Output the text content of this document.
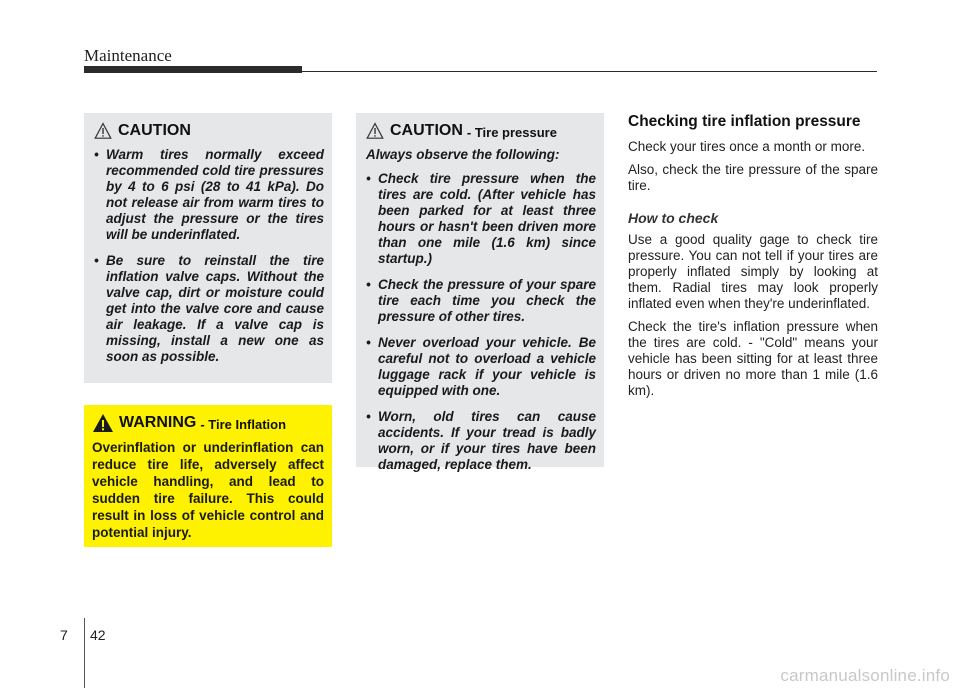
Maintenance
CAUTION
• Warm tires normally exceed recommended cold tire pressures by 4 to 6 psi (28 to 41 kPa). Do not release air from warm tires to adjust the pressure or the tires will be underinflated.
• Be sure to reinstall the tire inflation valve caps. Without the valve cap, dirt or moisture could get into the valve core and cause air leakage. If a valve cap is missing, install a new one as soon as possible.
WARNING - Tire Inflation
Overinflation or underinflation can reduce tire life, adversely affect vehicle handling, and lead to sudden tire failure. This could result in loss of vehicle control and potential injury.
CAUTION - Tire pressure
Always observe the following:
• Check tire pressure when the tires are cold. (After vehicle has been parked for at least three hours or hasn't been driven more than one mile (1.6 km) since startup.)
• Check the pressure of your spare tire each time you check the pressure of other tires.
• Never overload your vehicle. Be careful not to overload a vehicle luggage rack if your vehicle is equipped with one.
• Worn, old tires can cause accidents. If your tread is badly worn, or if your tires have been damaged, replace them.
Checking tire inflation pressure

Check your tires once a month or more.

Also, check the tire pressure of the spare tire.

How to check

Use a good quality gage to check tire pressure. You can not tell if your tires are properly inflated simply by looking at them. Radial tires may look properly inflated even when they're underinflated.

Check the tire's inflation pressure when the tires are cold. - "Cold" means your vehicle has been sitting for at least three hours or driven no more than 1 mile (1.6 km).

7 42
carmanualsonline.info
